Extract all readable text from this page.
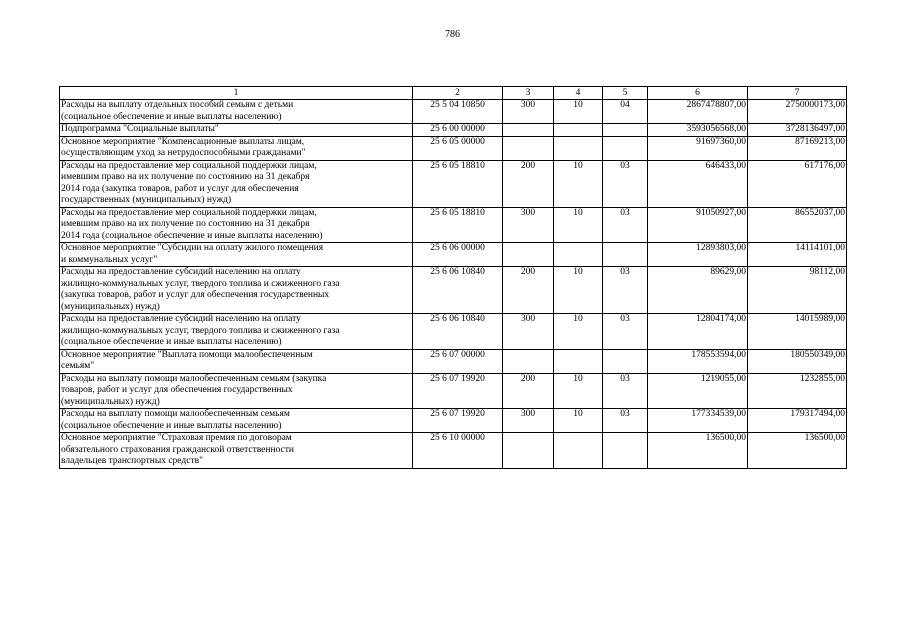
786
1	2	3	4	5	6	7
Расходы на выплату отдельных пособий семьям с детьми
(социальное обеспечение и иные выплаты населению)	25 5 04 10850	300	10	04	2867478807,00	2750000173,00
Подпрограмма "Социальные выплаты"	25 6 00 00000				3593056568,00	3728136497,00
Основное мероприятие "Компенсационные выплаты лицам,
осуществляющим уход за нетрудоспособными гражданами"	25 6 05 00000				91697360,00	87169213,00
Расходы на предоставление мер социальной поддержки лицам,
имевшим право на их получение по состоянию на 31 декабря
2014 года (закупка товаров, работ и услуг для обеспечения
государственных (муниципальных) нужд)	25 6 05 18810	200	10	03	646433,00	617176,00
Расходы на предоставление мер социальной поддержки лицам,
имевшим право на их получение по состоянию на 31 декабря
2014 года (социальное обеспечение и иные выплаты населению)	25 6 05 18810	300	10	03	91050927,00	86552037,00
Основное мероприятие "Субсидии на оплату жилого помещения
и коммунальных услуг"	25 6 06 00000				12893803,00	14114101,00
Расходы на предоставление субсидий населению на оплату
жилищно-коммунальных услуг, твердого топлива и сжиженного газа
(закупка товаров, работ и услуг для обеспечения государственных
(муниципальных) нужд)	25 6 06 10840	200	10	03	89629,00	98112,00
Расходы на предоставление субсидий населению на оплату
жилищно-коммунальных услуг, твердого топлива и сжиженного газа
(социальное обеспечение и иные выплаты населению)	25 6 06 10840	300	10	03	12804174,00	14015989,00
Основное мероприятие "Выплата помощи малообеспеченным
семьям"	25 6 07 00000				178553594,00	180550349,00
Расходы на выплату помощи малообеспеченным семьям (закупка
товаров, работ и услуг для обеспечения государственных
(муниципальных) нужд)	25 6 07 19920	200	10	03	1219055,00	1232855,00
Расходы на выплату помощи малообеспеченным семьям
(социальное обеспечение и иные выплаты населению)	25 6 07 19920	300	10	03	177334539,00	179317494,00
Основное мероприятие "Страховая премия по договорам
обязательного страхования гражданской ответственности
владельцев транспортных средств"	25 6 10 00000				136500,00	136500,00
